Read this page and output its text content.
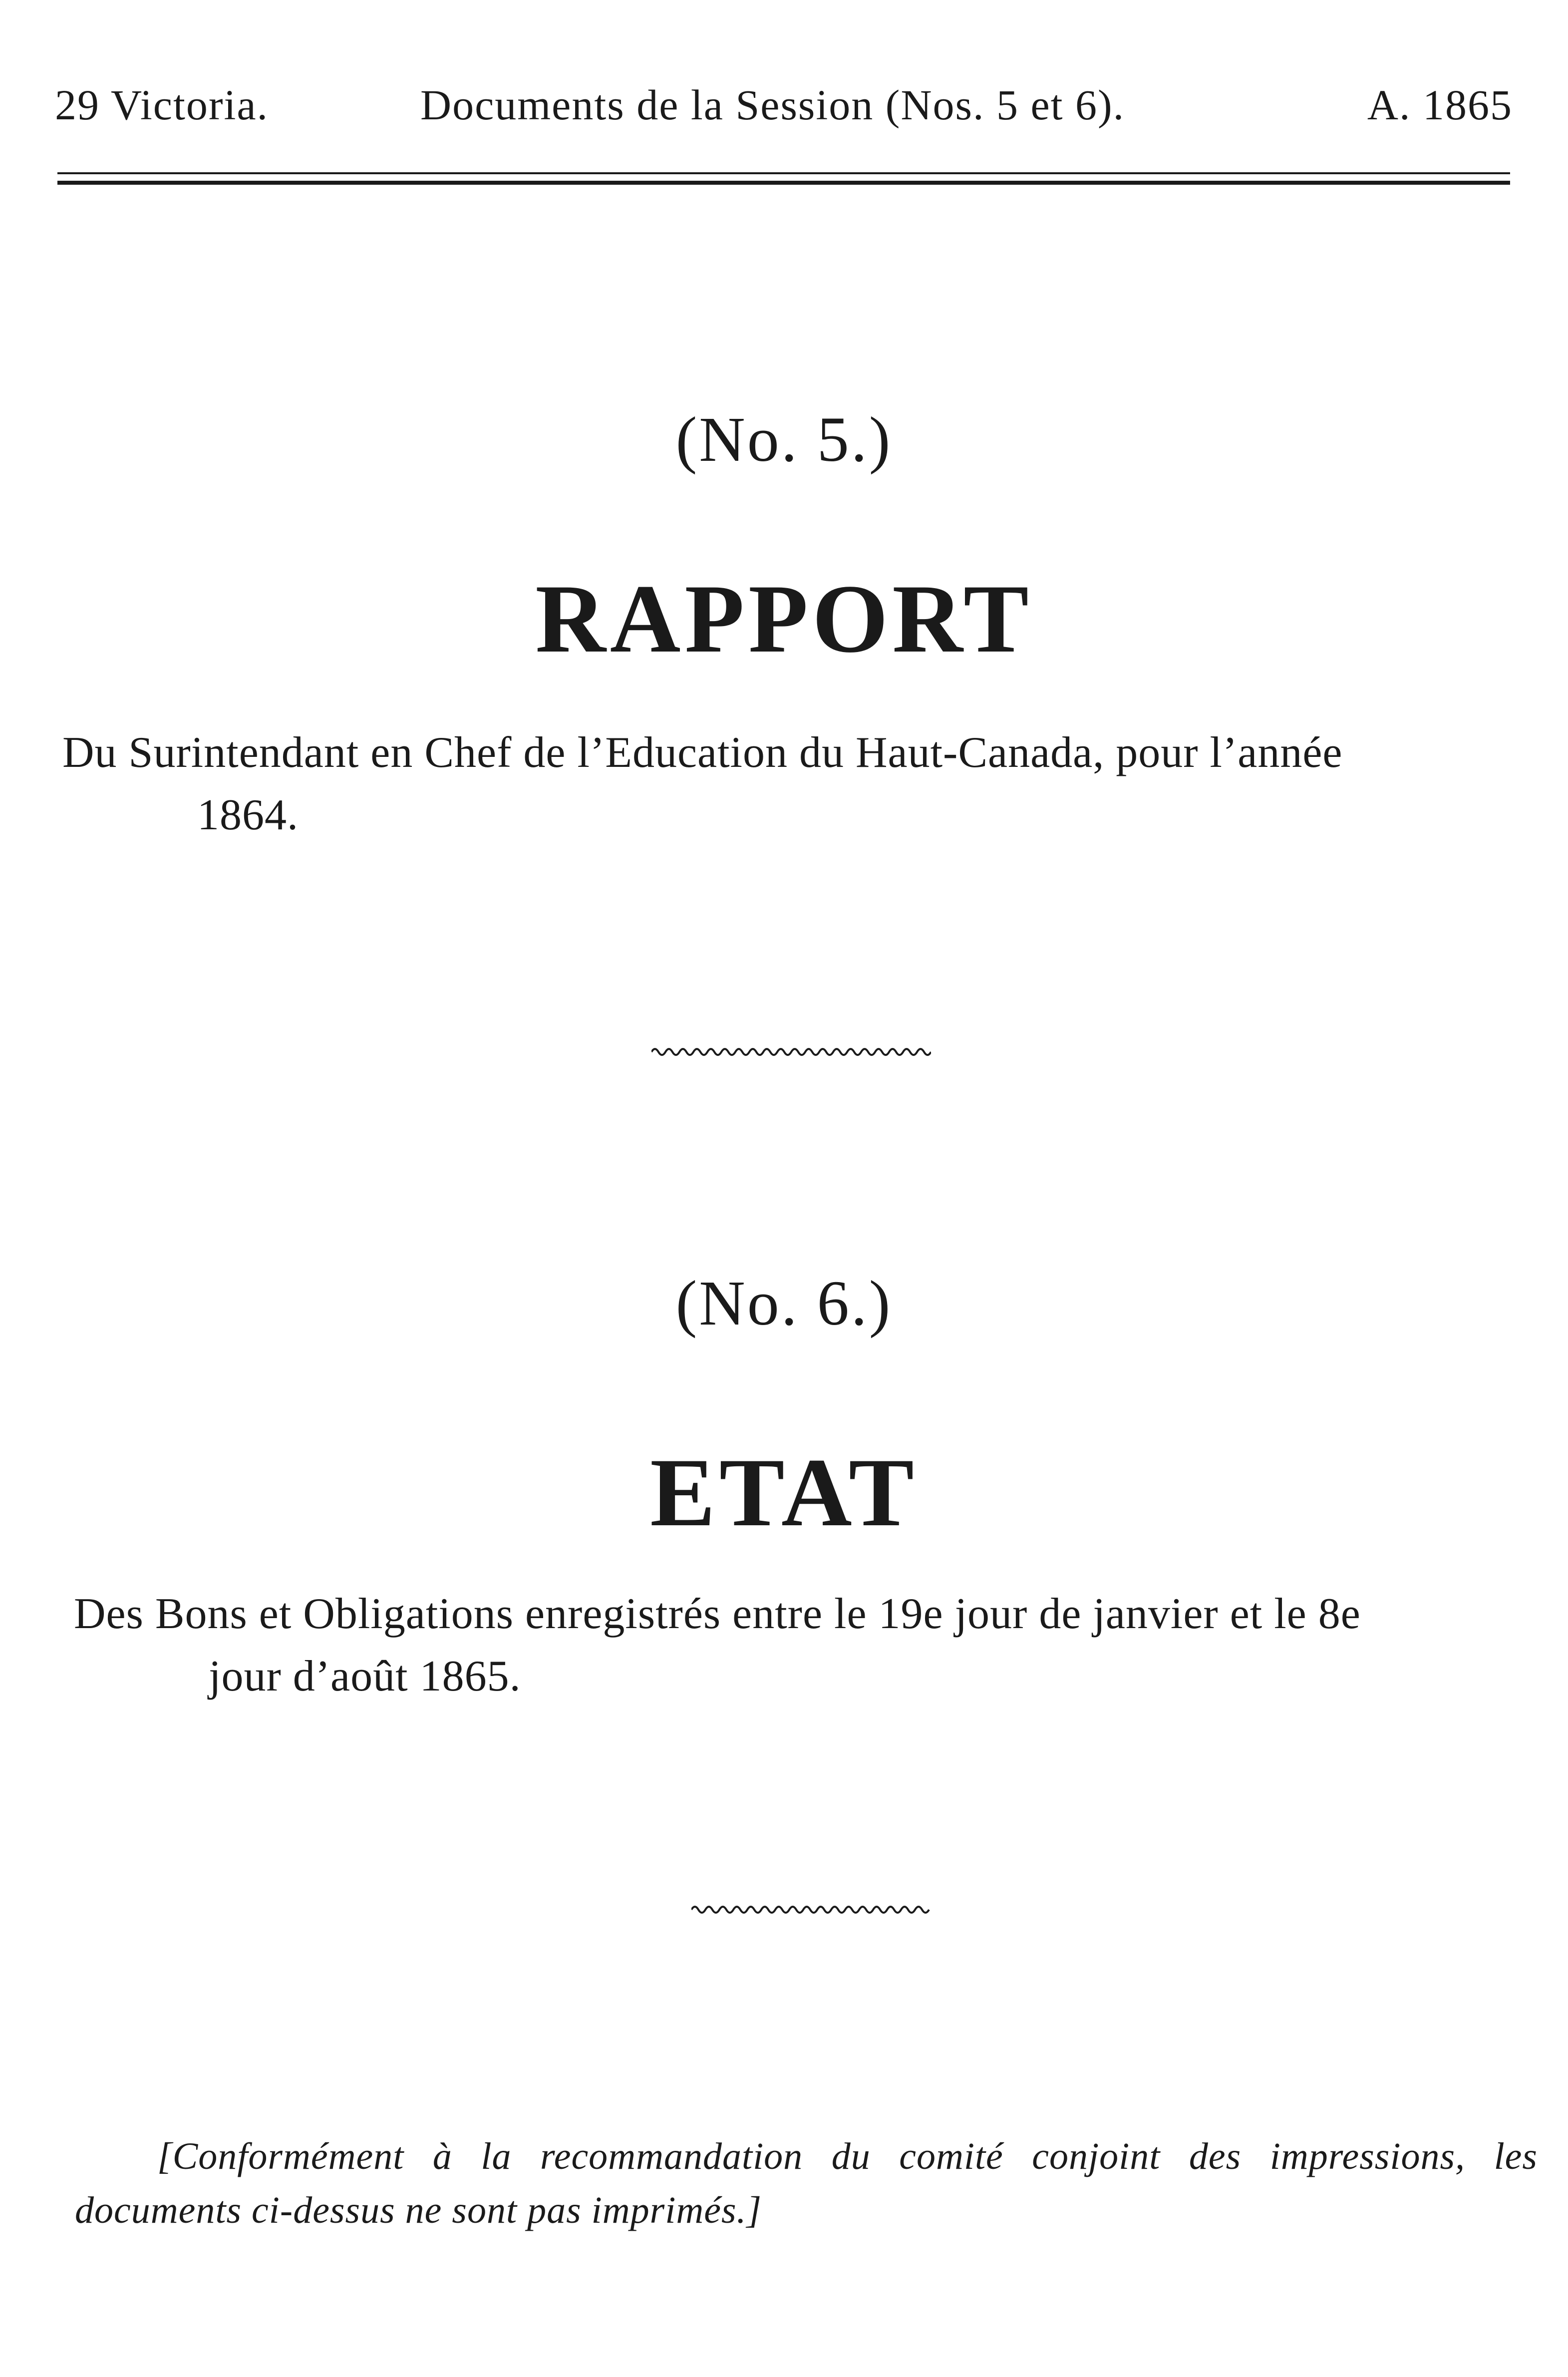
29 Victoria.	Documents de la Session (Nos. 5 et 6).	A. 1865
(No. 5.)
RAPPORT
Du Surintendant en Chef de l’Education du Haut-Canada, pour l’année
1864.
(No. 6.)
ETAT
Des Bons et Obligations enregistrés entre le 19e jour de janvier et le 8e
jour d’août 1865.
[Conformément à la recommandation du comité conjoint des impressions, les
documents ci-dessus ne sont pas imprimés.]
